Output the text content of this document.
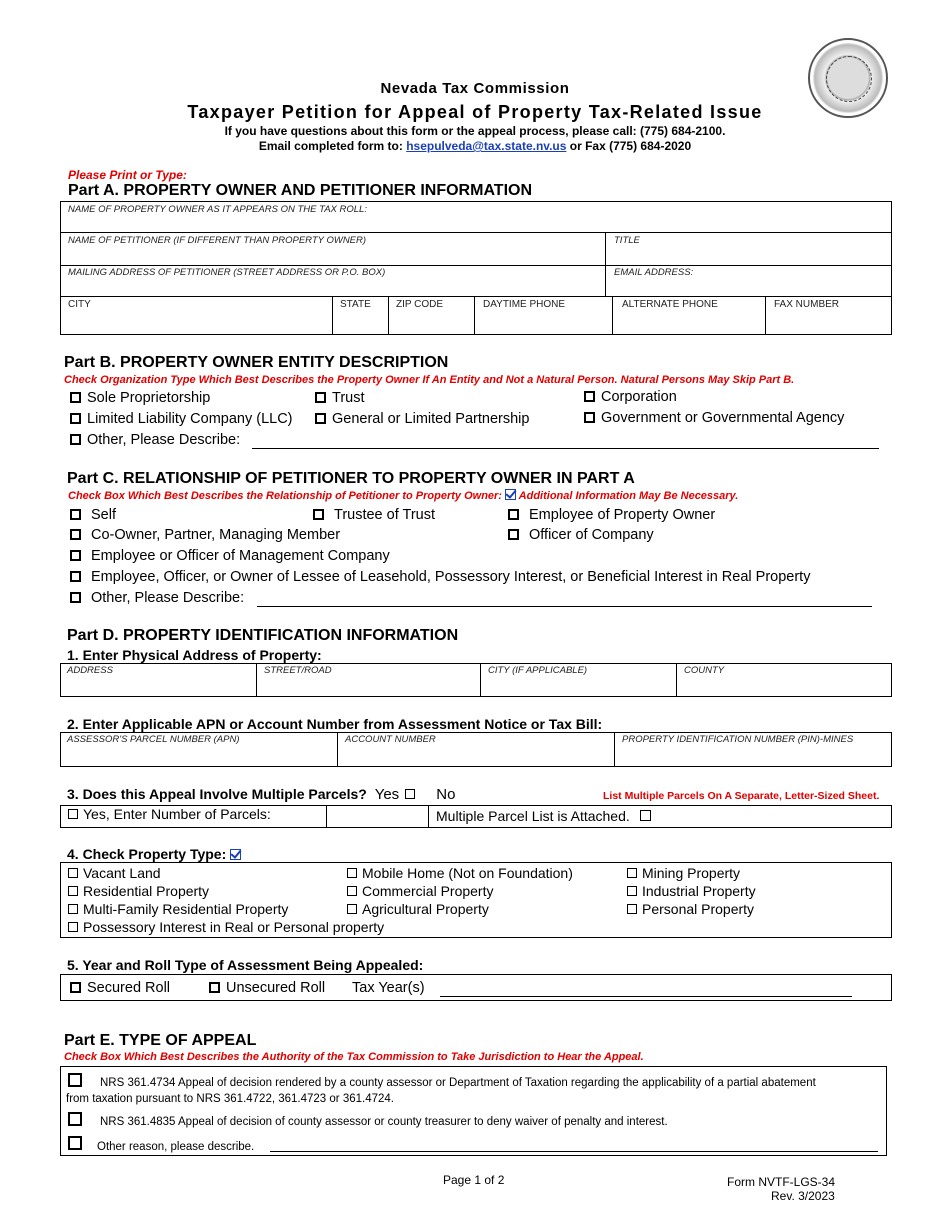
Nevada Tax Commission
Taxpayer Petition for Appeal of Property Tax-Related Issue
If you have questions about this form or the appeal process, please call: (775) 684-2100.
Email completed form to: hsepulveda@tax.state.nv.us or Fax (775) 684-2020
Please Print or Type:
Part A. PROPERTY OWNER AND PETITIONER INFORMATION
NAME OF PROPERTY OWNER AS IT APPEARS ON THE TAX ROLL:
NAME OF PETITIONER (IF DIFFERENT THAN PROPERTY OWNER)	TITLE
MAILING ADDRESS OF PETITIONER (STREET ADDRESS OR P.O. BOX)	EMAIL ADDRESS:
CITY	STATE	ZIP CODE	DAYTIME PHONE	ALTERNATE PHONE	FAX NUMBER
Part B. PROPERTY OWNER ENTITY DESCRIPTION
Check Organization Type Which Best Describes the Property Owner If An Entity and Not a Natural Person. Natural Persons May Skip Part B.
Sole Proprietorship	Trust	Corporation
Limited Liability Company (LLC)	General or Limited Partnership	Government or Governmental Agency
Other, Please Describe:
Part C. RELATIONSHIP OF PETITIONER TO PROPERTY OWNER IN PART A
Check Box Which Best Describes the Relationship of Petitioner to Property Owner:  Additional Information May Be Necessary.
Self	Trustee of Trust	Employee of Property Owner
Co-Owner, Partner, Managing Member	Officer of Company
Employee or Officer of Management Company
Employee, Officer, or Owner of Lessee of Leasehold, Possessory Interest, or Beneficial Interest in Real Property
Other, Please Describe:
Part D. PROPERTY IDENTIFICATION INFORMATION
1. Enter Physical Address of Property:
ADDRESS	STREET/ROAD	CITY (IF APPLICABLE)	COUNTY
2. Enter Applicable APN or Account Number from Assessment Notice or Tax Bill:
ASSESSOR'S PARCEL NUMBER (APN)	ACCOUNT NUMBER	PROPERTY IDENTIFICATION NUMBER (PIN)-MINES
3. Does this Appeal Involve Multiple Parcels? Yes No	List Multiple Parcels On A Separate, Letter-Sized Sheet.
Yes, Enter Number of Parcels:	Multiple Parcel List is Attached.
4. Check Property Type:
Vacant Land	Mobile Home (Not on Foundation)	Mining Property
Residential Property	Commercial Property	Industrial Property
Multi-Family Residential Property	Agricultural Property	Personal Property
Possessory Interest in Real or Personal property
5. Year and Roll Type of Assessment Being Appealed:
Secured Roll	Unsecured Roll Tax Year(s)
Part E. TYPE OF APPEAL
Check Box Which Best Describes the Authority of the Tax Commission to Take Jurisdiction to Hear the Appeal.
NRS 361.4734 Appeal of decision rendered by a county assessor or Department of Taxation regarding the applicability of a partial abatement
from taxation pursuant to NRS 361.4722, 361.4723 or 361.4724.
NRS 361.4835 Appeal of decision of county assessor or county treasurer to deny waiver of penalty and interest.
Other reason, please describe.
Page 1 of 2	Form NVTF-LGS-34
Rev. 3/2023
